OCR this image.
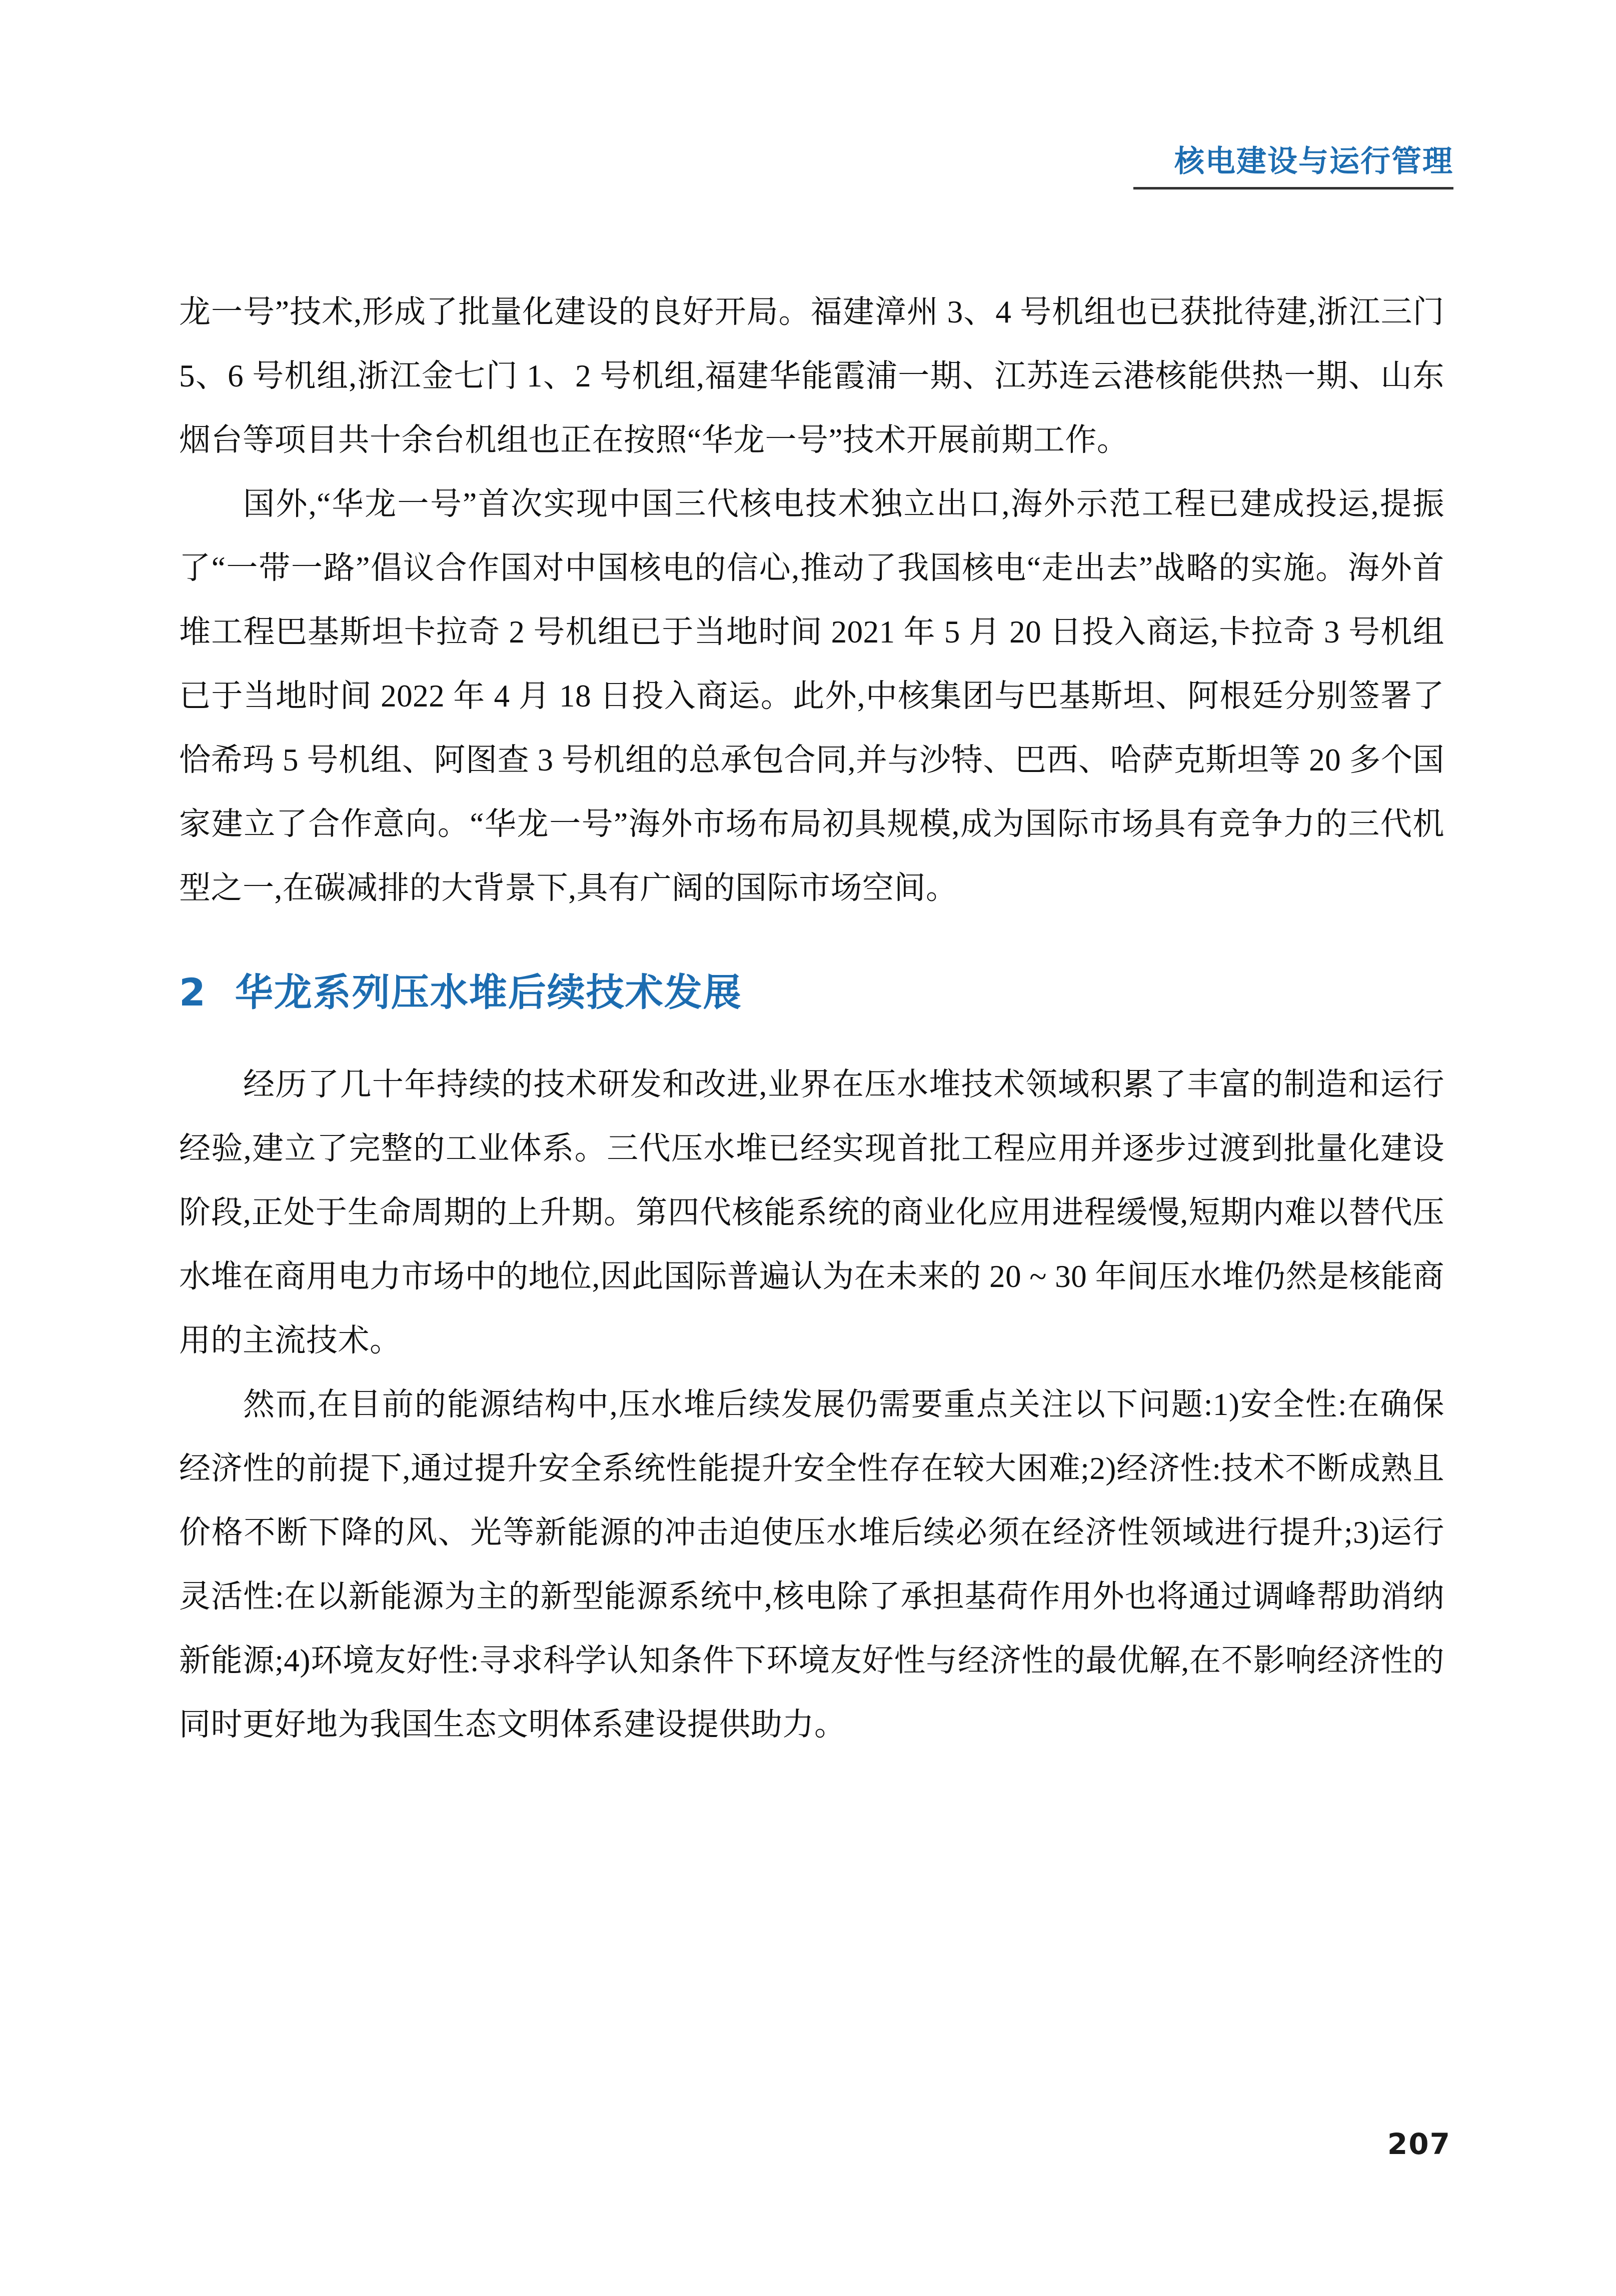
核电建设与运行管理

龙一号”技术,形成了批量化建设的良好开局。福建漳州 3、4 号机组也已获批待建,浙江三门 5、6 号机组,浙江金七门 1、2 号机组,福建华能霞浦一期、江苏连云港核能供热一期、山东烟台等项目共十余台机组也正在按照“华龙一号”技术开展前期工作。

国外,“华龙一号”首次实现中国三代核电技术独立出口,海外示范工程已建成投运,提振了“一带一路”倡议合作国对中国核电的信心,推动了我国核电“走出去”战略的实施。海外首堆工程巴基斯坦卡拉奇 2 号机组已于当地时间 2021 年 5 月 20 日投入商运,卡拉奇 3 号机组已于当地时间 2022 年 4 月 18 日投入商运。此外,中核集团与巴基斯坦、阿根廷分别签署了恰希玛 5 号机组、阿图查 3 号机组的总承包合同,并与沙特、巴西、哈萨克斯坦等 20 多个国家建立了合作意向。“华龙一号”海外市场布局初具规模,成为国际市场具有竞争力的三代机型之一,在碳减排的大背景下,具有广阔的国际市场空间。

2  华龙系列压水堆后续技术发展

经历了几十年持续的技术研发和改进,业界在压水堆技术领域积累了丰富的制造和运行经验,建立了完整的工业体系。三代压水堆已经实现首批工程应用并逐步过渡到批量化建设阶段,正处于生命周期的上升期。第四代核能系统的商业化应用进程缓慢,短期内难以替代压水堆在商用电力市场中的地位,因此国际普遍认为在未来的 20 ~ 30 年间压水堆仍然是核能商用的主流技术。

然而,在目前的能源结构中,压水堆后续发展仍需要重点关注以下问题:1)安全性:在确保经济性的前提下,通过提升安全系统性能提升安全性存在较大困难;2)经济性:技术不断成熟且价格不断下降的风、光等新能源的冲击迫使压水堆后续必须在经济性领域进行提升;3)运行灵活性:在以新能源为主的新型能源系统中,核电除了承担基荷作用外也将通过调峰帮助消纳新能源;4)环境友好性:寻求科学认知条件下环境友好性与经济性的最优解,在不影响经济性的同时更好地为我国生态文明体系建设提供助力。

207
